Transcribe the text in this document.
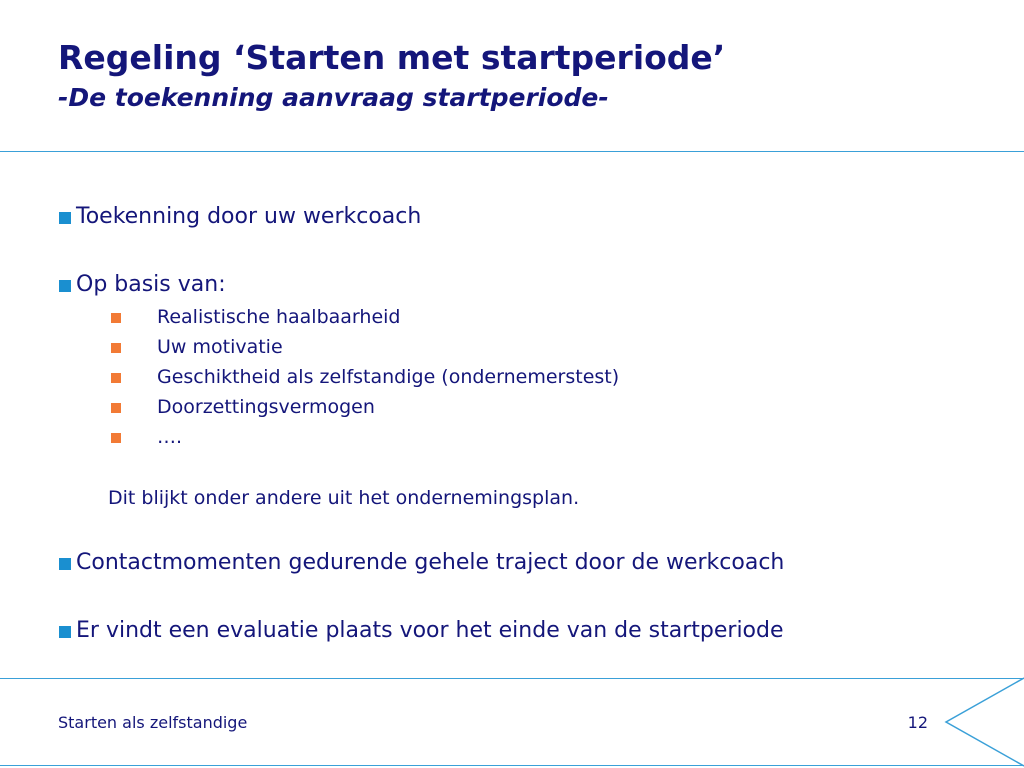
Regeling ‘Starten met startperiode’
-De toekenning aanvraag startperiode-
Toekenning door uw werkcoach
Op basis van:
Realistische haalbaarheid
Uw motivatie
Geschiktheid als zelfstandige (ondernemerstest)
Doorzettingsvermogen
….
Dit blijkt onder andere uit het ondernemingsplan.
Contactmomenten gedurende gehele traject door de werkcoach
Er vindt een evaluatie plaats voor het einde van de startperiode
Starten als zelfstandige	12
